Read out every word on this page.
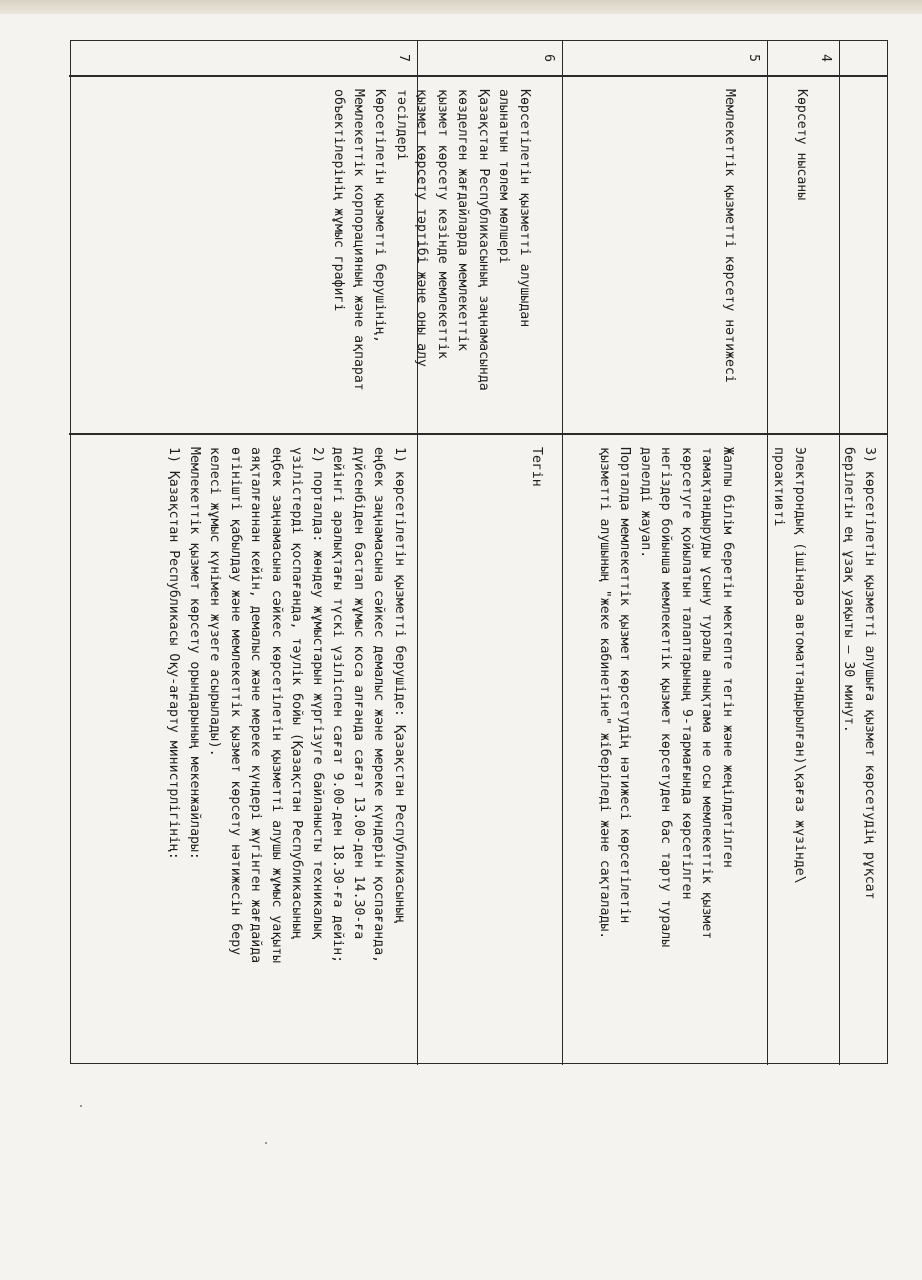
3) көрсетілетін қызметті алушыға қызмет көрсетудің рұқсат
берілетін ең ұзақ уақыты – 30 минут.
4
Көрсету нысаны
Электрондық (ішінара автоматтандырылған)\қағаз жүзінде\
проактивті
5
Мемлекеттік қызметті көрсету нәтижесі
Жалпы білім беретін мектепте тегін және жеңілдетілген
тамақтандыруды ұсыну туралы анықтама не осы мемлекеттік қызмет
көрсетуге қойылатын талаптарының 9-тармағында көрсетілген
негіздер бойынша мемлекеттік қызмет көрсетуден бас тарту туралы
дәлелді жауап.
Порталда мемлекеттік қызмет көрсетудің нәтижесі көрсетілетін
қызметті алушының "жеке кабинетіне" жіберіледі және сақталады.
6
Көрсетілетін қызметті алушыдан
алынатын төлем мөлшері
Қазақстан Республикасының заңнамасында
көзделген жағдайларда мемлекеттік
қызмет көрсету кезінде мемлекеттік
қызмет көрсету тәртібі және оны алу
тәсілдері
Тегін
7
Көрсетілетін қызметті берушінің,
Мемлекеттік корпорацияның және ақпарат
объектілерінің жұмыс графигі
1) көрсетілетін қызметті берушіде: Қазақстан Республикасының
еңбек заңнамасына сәйкес демалыс және мереке күндерін қоспағанда,
дүйсенбіден бастап жұмыс коса алғанда сағат 13.00-ден 14.30-ға
дейінгі аралықтағы түскі үзіліспен сағат 9.00-ден 18.30-ға дейін;
2) порталда: жөндеу жұмыстарын жүргізуге байланысты техникалық
үзілістерді қоспағанда, тәулік бойы (Қазақстан Республикасының
еңбек заңнамасына сәйкес көрсетілетін қызметті алушы жұмыс уақыты
аяқталғаннан кейін, демалыс және мереке күндері жүгінген жағдайда
өтінішті қабылдау және мемлекеттік қызмет көрсету нәтижесін беру
келесі жұмыс күнімен жүзеге асырылады).
Мемлекеттік қызмет көрсету орындарының мекенжайлары:
1) Қазақстан Республикасы Оқу-ағарту министрлігінің:
